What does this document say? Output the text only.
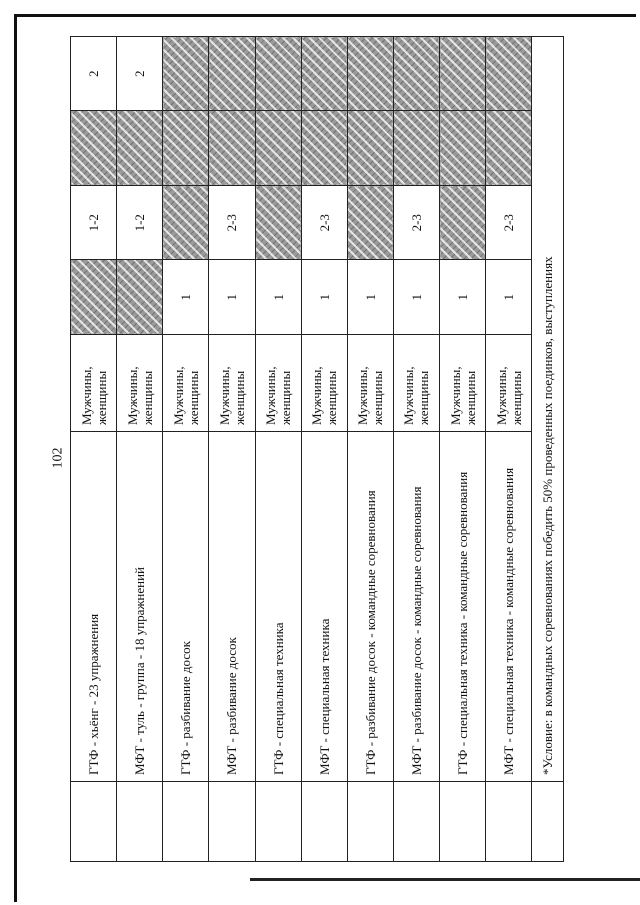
102
	ГТФ - хьёнг - 23 упражнения	Мужчины, женщины		1-2		2
	МФТ - туль - группа - 18 упражнений	Мужчины, женщины		1-2		2
	ГТФ - разбивание досок	Мужчины, женщины	1			
	МФТ - разбивание досок	Мужчины, женщины	1	2-3		
	ГТФ - специальная техника	Мужчины, женщины	1			
	МФТ - специальная техника	Мужчины, женщины	1	2-3		
	ГТФ - разбивание досок - командные соревнования	Мужчины, женщины	1			
	МФТ - разбивание досок - командные соревнования	Мужчины, женщины	1	2-3		
	ГТФ - специальная техника - командные соревнования	Мужчины, женщины	1			
	МФТ - специальная техника - командные соревнования	Мужчины, женщины	1	2-3		
	*Условие: в командных соревнованиях победить 50% проведенных поединков, выступлениях					
